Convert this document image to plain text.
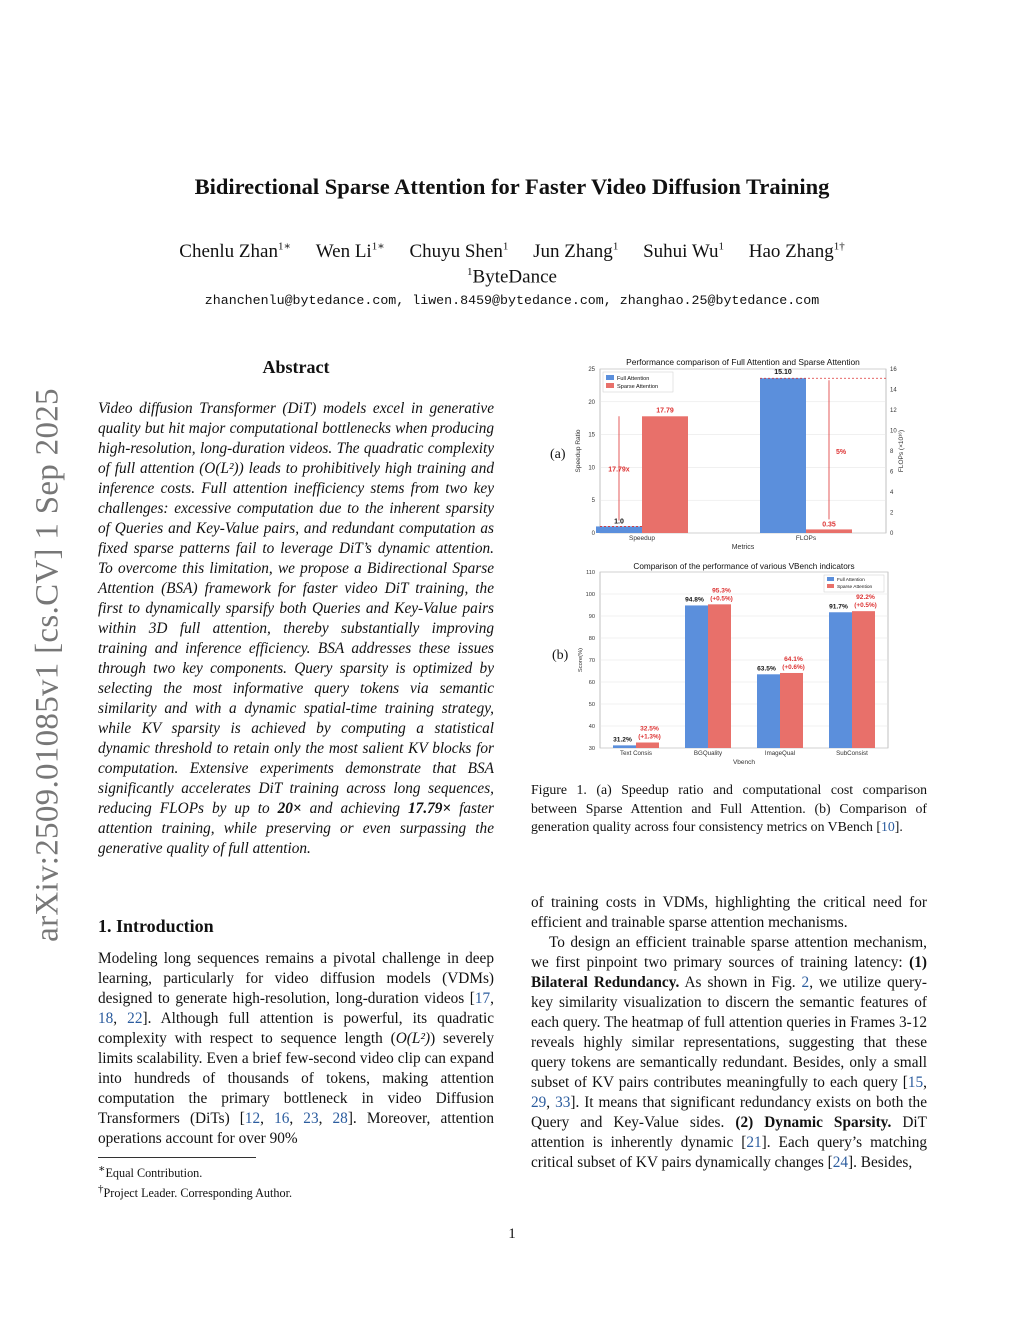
arXiv:2509.01085v1 [cs.CV] 1 Sep 2025
Bidirectional Sparse Attention for Faster Video Diffusion Training
Chenlu Zhan$^{1∗}$ Wen $Li^{1∗}$ Chuyu Shen$^1$ Jun Zhang$^1$ Suhui Wu$^1$ Hao Zhang$^{1\dagger}$
$^1$ByteDance
zhanchenlu@bytedance.com, liwen.8459@bytedance.com, zhanghao.25@bytedance.com
Abstract
Video diffusion Transformer (DiT) models excel in generative quality but hit major computational bottlenecks when producing high-resolution, long-duration videos. The quadratic complexity of full attention (O(L²)) leads to prohibitively high training and inference costs. Full attention inefficiency stems from two key challenges: excessive computation due to the inherent sparsity of Queries and Key-Value pairs, and redundant computation as fixed sparse patterns fail to leverage DiT’s dynamic attention. To overcome this limitation, we propose a Bidirectional Sparse Attention (BSA) framework for faster video DiT training, the first to dynamically sparsify both Queries and Key-Value pairs within 3D full attention, thereby substantially improving training and inference efficiency. BSA addresses these issues through two key components. Query sparsity is optimized by selecting the most informative query tokens via semantic similarity and with a dynamic spatial-time training strategy, while KV sparsity is achieved by computing a statistical dynamic threshold to retain only the most salient KV blocks for computation. Extensive experiments demonstrate that BSA significantly accelerates DiT training across long sequences, reducing FLOPs by up to 20× and achieving 17.79× faster attention training, while preserving or even surpassing the generative quality of full attention.
1. Introduction
Modeling long sequences remains a pivotal challenge in deep learning, particularly for video diffusion models (VDMs) designed to generate high-resolution, long-duration videos [17, 18, 22]. Although full attention is powerful, its quadratic complexity with respect to sequence length (O(L²)) severely limits scalability. Even a brief few-second video clip can expand into hundreds of thousands of tokens, making attention computation the primary bottleneck in video Diffusion Transformers (DiTs) [12, 16, 23, 28]. Moreover, attention operations account for over 90%
∗Equal Contribution.
†Project Leader. Corresponding Author.
(a)
(b)
0
5
10
15
20
25
0
2
4
6
8
10
12
14
16
Performance comparison of Full Attention and Sparse Attention
Metrics
Speedup Ratio	FLOPs (×10¹⁶)
1.0
17.79
15.10
0.35
17.79x
5%
Speedup	FLOPs
Full Attention
Sparse Attention
30
40
50
60
70
80
90
100
110
Comparison of the performance of various VBench indicators
Vbench
Score(%)
Text Consis
31.2%
32.5%
(+1.3%)
BGQuality
94.8%
95.3%
(+0.5%)
ImageQual
63.5%
64.1%
(+0.6%)
SubConsist
91.7%
92.2%
(+0.5%)
Full Attention
Sparse Attention
Figure 1. (a) Speedup ratio and computational cost comparison between Sparse Attention and Full Attention. (b) Comparison of generation quality across four consistency metrics on VBench [10].

of training costs in VDMs, highlighting the critical need for efficient and trainable sparse attention mechanisms.

To design an efficient trainable sparse attention mechanism, we first pinpoint two primary sources of training latency: (1) Bilateral Redundancy. As shown in Fig. 2, we utilize query-key similarity visualization to discern the semantic features of each query. The heatmap of full attention queries in Frames 3-12 reveals highly similar representations, suggesting that these query tokens are semantically redundant. Besides, only a small subset of KV pairs contributes meaningfully to each query [15, 29, 33]. It means that significant redundancy exists on both the Query and Key-Value sides. (2) Dynamic Sparsity. DiT attention is inherently dynamic [21]. Each query’s matching critical subset of KV pairs dynamically changes [24]. Besides,

1
